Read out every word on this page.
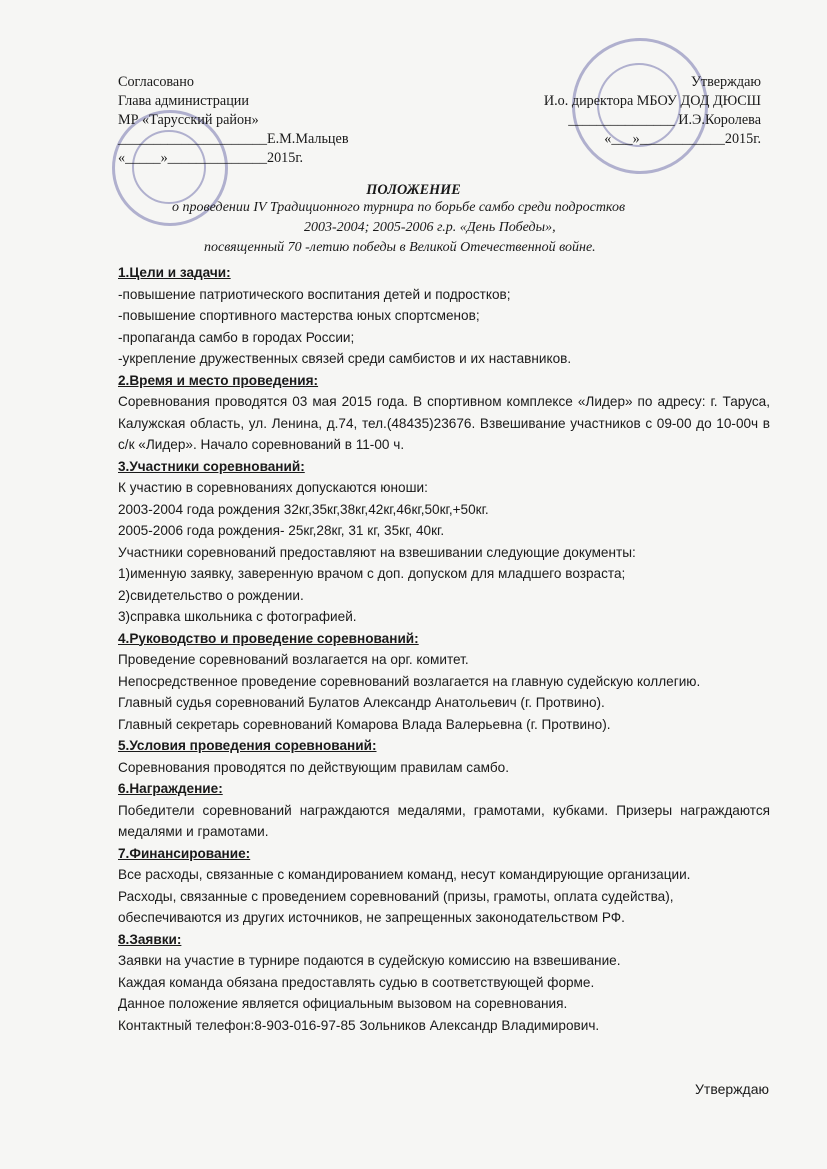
Согласовано
Глава администрации
МР «Тарусский район»
_____________________Е.М.Мальцев
«_____»______________2015г.
Утверждаю
И.о. директора МБОУ ДОД ДЮСШ
_______________ И.Э.Королева
«___»____________2015г.
ПОЛОЖЕНИЕ
о проведении IV Традиционного турнира по борьбе самбо среди подростков
2003-2004; 2005-2006 г.р. «День Победы»,
посвященный 70 -летию победы в Великой Отечественной войне.
1.Цели и задачи:
-повышение патриотического воспитания детей и подростков;
-повышение спортивного мастерства юных спортсменов;
-пропаганда самбо в городах России;
-укрепление дружественных связей среди самбистов и их наставников.
2.Время и место проведения:
Соревнования проводятся 03 мая 2015 года. В спортивном комплексе «Лидер» по адресу: г. Таруса, Калужская область, ул. Ленина, д.74, тел.(48435)23676. Взвешивание участников с 09-00 до 10-00ч в с/к «Лидер». Начало соревнований в 11-00 ч.
3.Участники соревнований:
К участию в соревнованиях допускаются юноши:
2003-2004 года рождения 32кг,35кг,38кг,42кг,46кг,50кг,+50кг.
2005-2006 года рождения- 25кг,28кг, 31 кг, 35кг, 40кг.
Участники соревнований предоставляют на взвешивании следующие документы:
1)именную заявку, заверенную врачом с доп. допуском для младшего возраста;
2)свидетельство о рождении.
3)справка школьника с фотографией.
4.Руководство и проведение соревнований:
Проведение соревнований возлагается на орг. комитет.
Непосредственное проведение соревнований возлагается на главную судейскую коллегию.
Главный судья соревнований Булатов Александр Анатольевич (г. Протвино).
Главный секретарь соревнований Комарова Влада Валерьевна (г. Протвино).
5.Условия проведения соревнований:
Соревнования проводятся по действующим правилам самбо.
6.Награждение:
Победители соревнований награждаются медалями, грамотами, кубками. Призеры награждаются медалями и грамотами.
7.Финансирование:
Все расходы, связанные с командированием команд, несут командирующие организации.
Расходы, связанные с проведением соревнований (призы, грамоты, оплата судейства),
обеспечиваются из других источников, не запрещенных законодательством РФ.
8.Заявки:
Заявки на участие в турнире подаются в судейскую комиссию на взвешивание.
Каждая команда обязана предоставлять судью в соответствующей форме.
Данное положение является официальным вызовом на соревнования.
Контактный телефон:8-903-016-97-85 Зольников Александр Владимирович.
Утверждаю
